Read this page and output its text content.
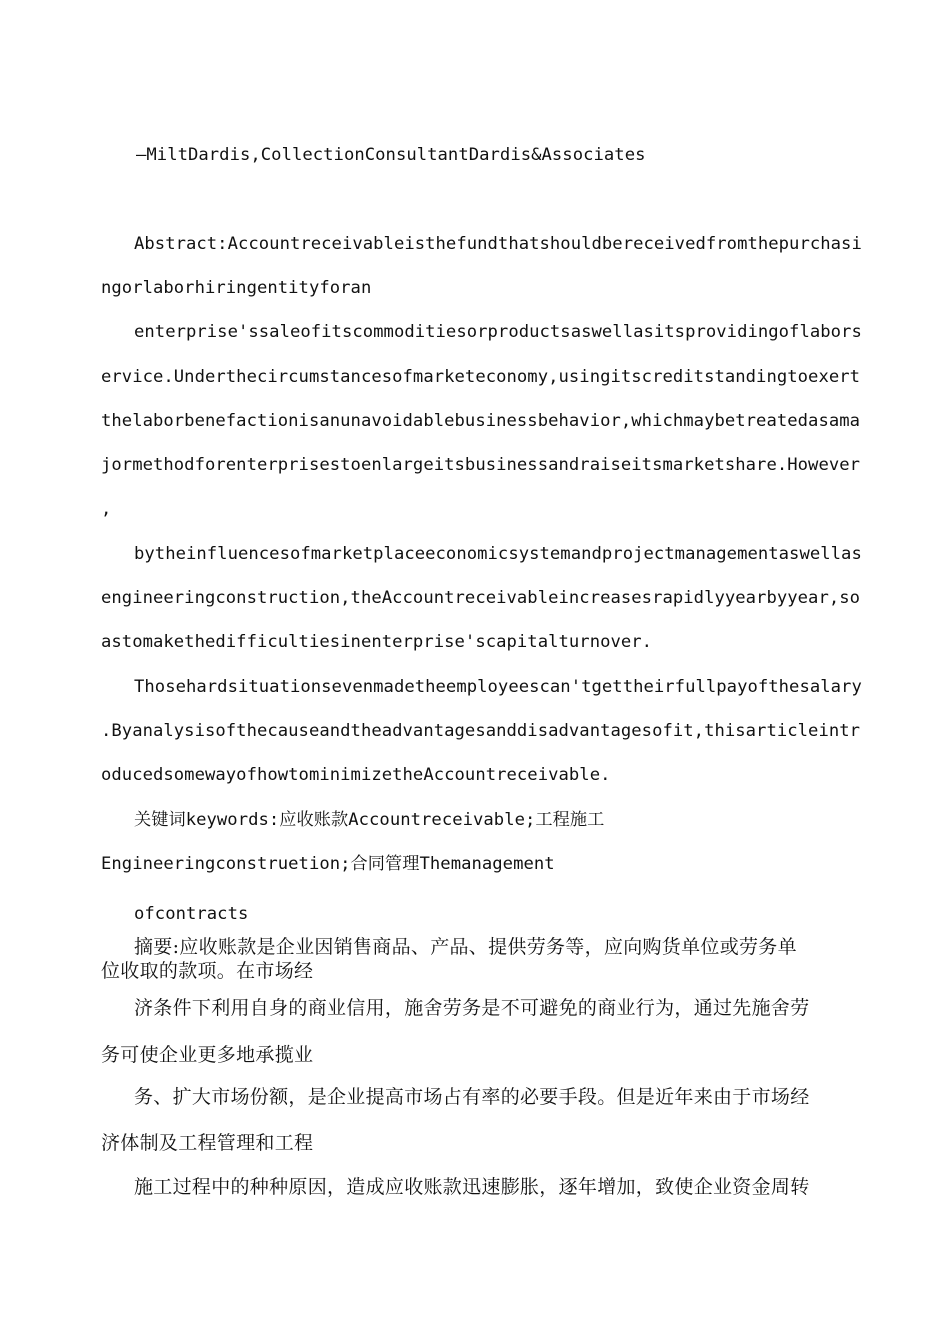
—MiltDardis,CollectionConsultantDardis&Associates
Abstract:Accountreceivableisthefundthatshouldbereceivedfromthepurchasi
ngorlaborhiringentityforan
enterprise'ssaleofitscommoditiesorproductsaswellasitsprovidingoflabors
ervice.Underthecircumstancesofmarketeconomy,usingitscreditstandingtoexert
thelaborbenefactionisanunavoidablebusinessbehavior,whichmaybetreatedasama
jormethodforenterprisestoenlargeitsbusinessandraiseitsmarketshare.However
,
bytheinfluencesofmarketplaceeconomicsystemandprojectmanagementaswellas
engineeringconstruction,theAccountreceivableincreasesrapidlyyearbyyear,so
astomakethedifficultiesinenterprise'scapitalturnover.
Thosehardsituationsevenmadetheemployeescan'tgettheirfullpayofthesalary
.Byanalysisofthecauseandtheadvantagesanddisadvantagesofit,thisarticleintr
oducedsomewayofhowtominimizetheAccountreceivable.
关键词keywords:应收账款Accountreceivable;工程施工
Engineeringconstruetion;合同管理Themanagement
ofcontracts
摘要:应收账款是企业因销售商品、产品、提供劳务等，应向购货单位或劳务单
位收取的款项。在市场经
济条件下利用自身的商业信用，施舍劳务是不可避免的商业行为，通过先施舍劳
务可使企业更多地承揽业
务、扩大市场份额，是企业提高市场占有率的必要手段。但是近年来由于市场经
济体制及工程管理和工程
施工过程中的种种原因，造成应收账款迅速膨胀，逐年增加，致使企业资金周转
